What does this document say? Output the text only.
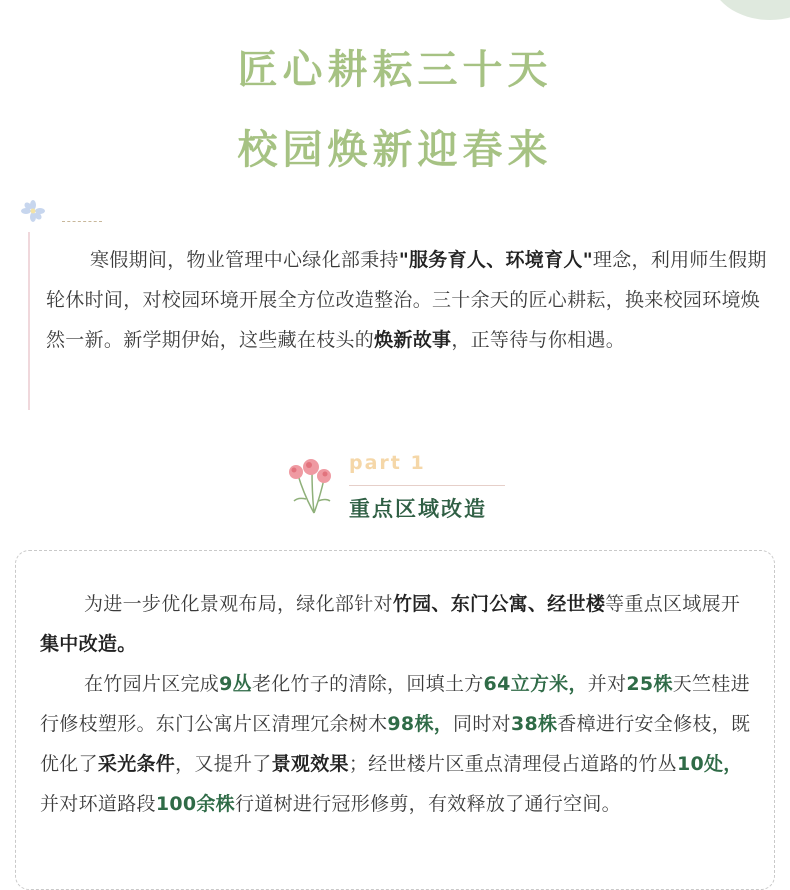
匠心耕耘三十天
校园焕新迎春来

寒假期间，物业管理中心绿化部秉持"服务育人、环境育人"理念，利用师生假期轮休时间，对校园环境开展全方位改造整治。三十余天的匠心耕耘，换来校园环境焕然一新。新学期伊始，这些藏在枝头的焕新故事，正等待与你相遇。

part 1
重点区域改造

为进一步优化景观布局，绿化部针对竹园、东门公寓、经世楼等重点区域展开集中改造。

在竹园片区完成9丛老化竹子的清除，回填土方64立方米，并对25株天竺桂进行修枝塑形。东门公寓片区清理冗余树木98株，同时对38株香樟进行安全修枝，既优化了采光条件，又提升了景观效果；经世楼片区重点清理侵占道路的竹丛10处，并对环道路段100余株行道树进行冠形修剪，有效释放了通行空间。
